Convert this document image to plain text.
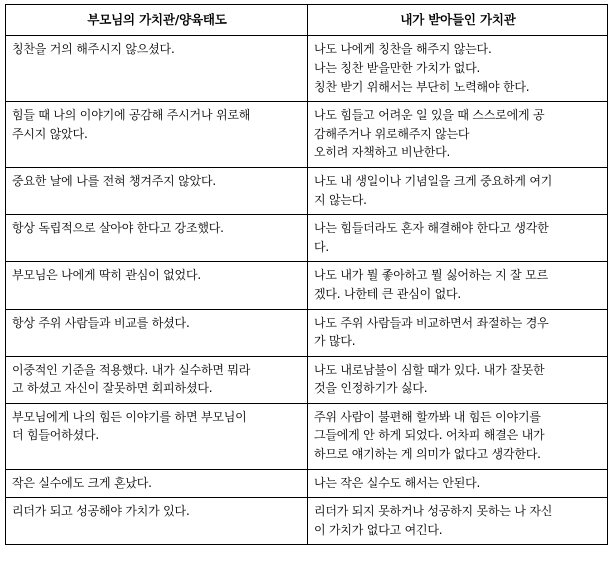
부모님의 가치관/양육태도	내가 받아들인 가치관

칭찬을 거의 해주시지 않으셨다.	나도 나에게 칭찬을 해주지 않는다.
나는 칭찬 받을만한 가치가 없다.
칭찬 받기 위해서는 부단히 노력해야 한다.

힘들 때 나의 이야기에 공감해 주시거나 위로해
주시지 않았다.	나도 힘들고 어려운 일 있을 때 스스로에게 공
감해주거나 위로해주지 않는다
오히려 자책하고 비난한다.

중요한 날에 나를 전혀 챙겨주지 않았다.	나도 내 생일이나 기념일을 크게 중요하게 여기
지 않는다.

항상 독립적으로 살아야 한다고 강조했다.	나는 힘들더라도 혼자 해결해야 한다고 생각한
다.

부모님은 나에게 딱히 관심이 없었다.	나도 내가 뭘 좋아하고 뭘 싫어하는 지 잘 모르
겠다. 나한테 큰 관심이 없다.

항상 주위 사람들과 비교를 하셨다.	나도 주위 사람들과 비교하면서 좌절하는 경우
가 많다.

이중적인 기준을 적용했다. 내가 실수하면 뭐라
고 하셨고 자신이 잘못하면 회피하셨다.	나도 내로남불이 심할 때가 있다. 내가 잘못한
것을 인정하기가 싫다.

부모님에게 나의 힘든 이야기를 하면 부모님이
더 힘들어하셨다.	주위 사람이 불편해 할까봐 내 힘든 이야기를
그들에게 안 하게 되었다. 어차피 해결은 내가
하므로 얘기하는 게 의미가 없다고 생각한다.

작은 실수에도 크게 혼났다.	나는 작은 실수도 해서는 안된다.

리더가 되고 성공해야 가치가 있다.	리더가 되지 못하거나 성공하지 못하는 나 자신
이 가치가 없다고 여긴다.
